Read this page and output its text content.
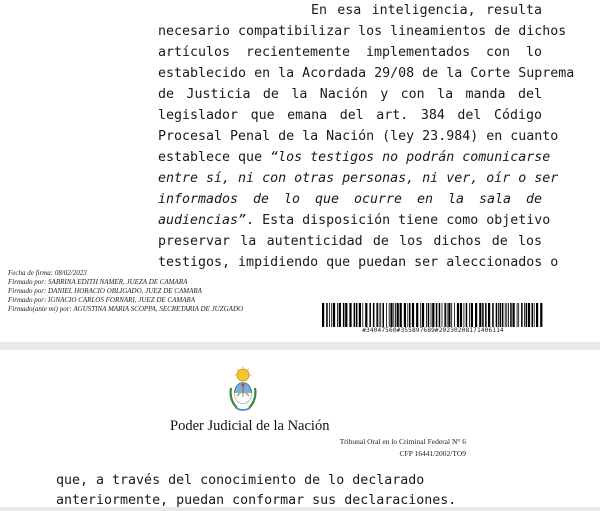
En esa inteligencia, resulta
necesario compatibilizar los lineamientos de dichos
artículos recientemente implementados con lo
establecido en la Acordada 29/08 de la Corte Suprema
de Justicia de la Nación y con la manda del
legislador que emana del art. 384 del Código
Procesal Penal de la Nación (ley 23.984) en cuanto
establece que “los testigos no podrán comunicarse
entre sí, ni con otras personas, ni ver, oír o ser
informados de lo que ocurre en la sala de
audiencias”. Esta disposición tiene como objetivo
preservar la autenticidad de los dichos de los
testigos, impidiendo que puedan ser aleccionados o
Fecha de firma: 08/02/2023
Firmado por: SABRINA EDITH NAMER, JUEZA DE CAMARA
Firmado por: DANIEL HORACIO OBLIGADO, JUEZ DE CAMARA
Firmado por: IGNACIO CARLOS FORNARI, JUEZ DE CAMARA
Firmado(ante mi) por: AGUSTINA MARIA SCOPPA, SECRETARIA DE JUZGADO
#34047560#355897689#20230208171406114
Poder Judicial de la Nación
Tribunal Oral en lo Criminal Federal N° 6
CFP 16441/2002/TO9
que, a través del conocimiento de lo declarado
anteriormente, puedan conformar sus declaraciones.
